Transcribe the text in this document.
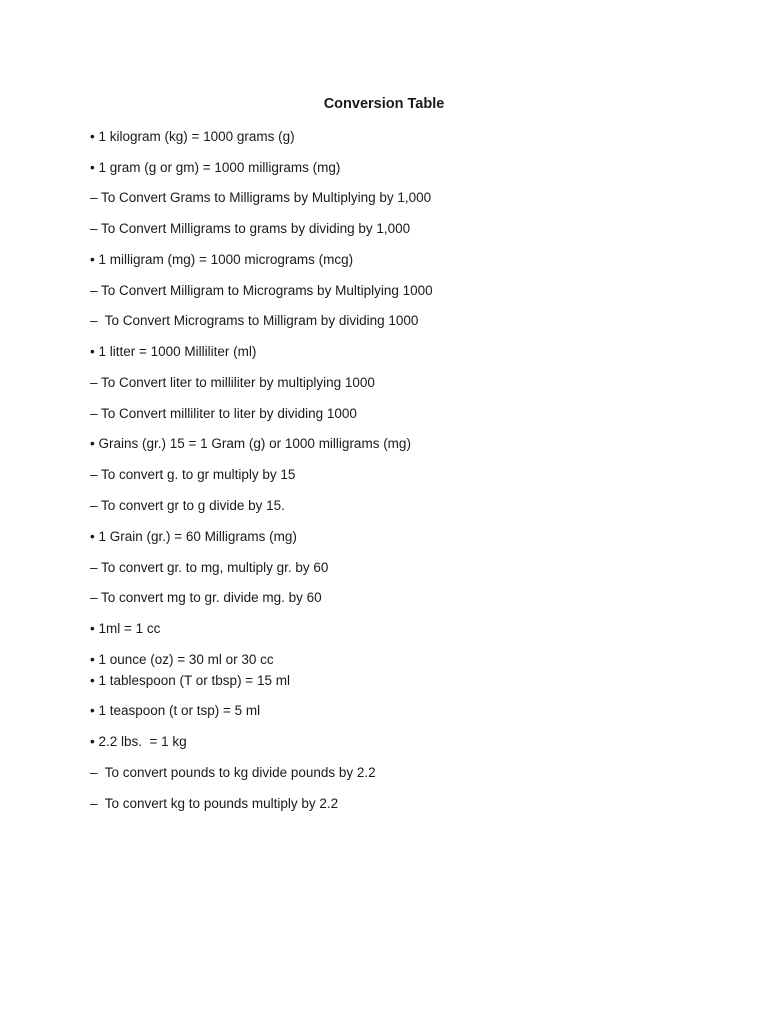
Conversion Table
• 1 kilogram (kg) = 1000 grams (g)
• 1 gram (g or gm) = 1000 milligrams (mg)
– To Convert Grams to Milligrams by Multiplying by 1,000
– To Convert Milligrams to grams by dividing by 1,000
• 1 milligram (mg) = 1000 micrograms (mcg)
– To Convert Milligram to Micrograms by Multiplying 1000
–  To Convert Micrograms to Milligram by dividing 1000
• 1 litter = 1000 Milliliter (ml)
– To Convert liter to milliliter by multiplying 1000
– To Convert milliliter to liter by dividing 1000
• Grains (gr.) 15 = 1 Gram (g) or 1000 milligrams (mg)
– To convert g. to gr multiply by 15
– To convert gr to g divide by 15.
• 1 Grain (gr.) = 60 Milligrams (mg)
– To convert gr. to mg, multiply gr. by 60
– To convert mg to gr. divide mg. by 60
• 1ml = 1 cc
• 1 ounce (oz) = 30 ml or 30 cc
• 1 tablespoon (T or tbsp) = 15 ml
• 1 teaspoon (t or tsp) = 5 ml
• 2.2 lbs.  = 1 kg
–  To convert pounds to kg divide pounds by 2.2
–  To convert kg to pounds multiply by 2.2
